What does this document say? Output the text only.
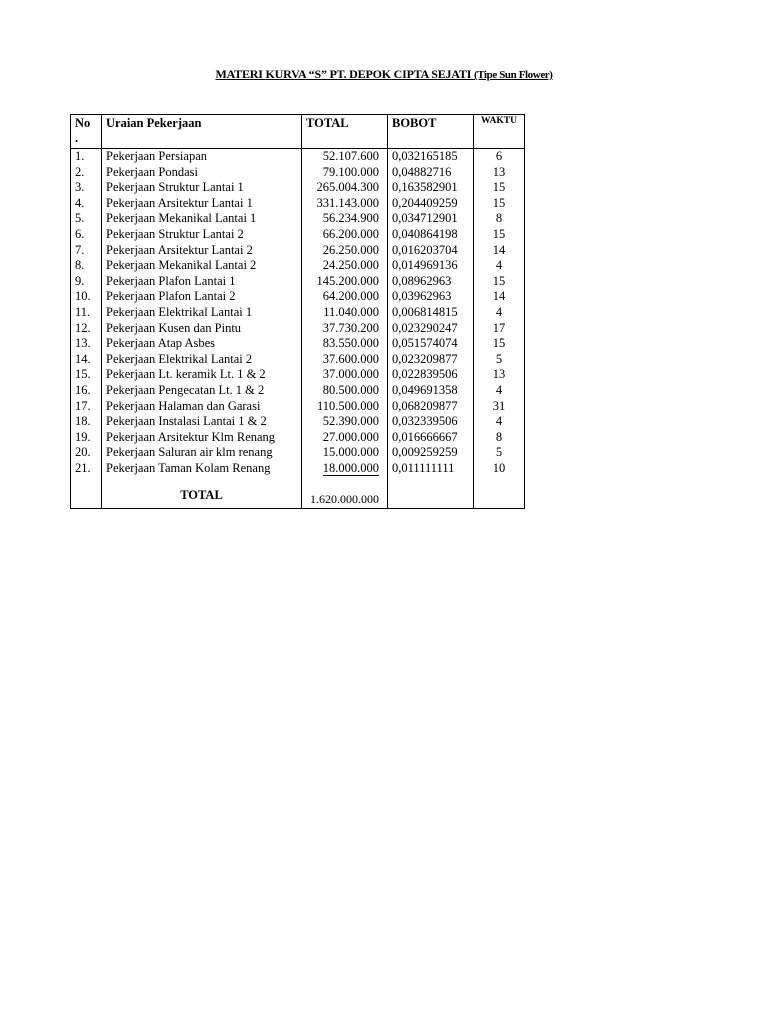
MATERI KURVA “S” PT. DEPOK CIPTA SEJATI (Tipe Sun Flower)
No
.	Uraian Pekerjaan	TOTAL	BOBOT	WAKTU
1.	Pekerjaan Persiapan	52.107.600	0,032165185	6
2.	Pekerjaan Pondasi	79.100.000	0,04882716	13
3.	Pekerjaan Struktur Lantai 1	265.004.300	0,163582901	15
4.	Pekerjaan Arsitektur Lantai 1	331.143.000	0,204409259	15
5.	Pekerjaan Mekanikal Lantai 1	56.234.900	0,034712901	8
6.	Pekerjaan Struktur Lantai 2	66.200.000	0,040864198	15
7.	Pekerjaan Arsitektur Lantai 2	26.250.000	0,016203704	14
8.	Pekerjaan Mekanikal Lantai 2	24.250.000	0,014969136	4
9.	Pekerjaan Plafon Lantai 1	145.200.000	0,08962963	15
10.	Pekerjaan Plafon Lantai 2	64.200.000	0,03962963	14
11.	Pekerjaan Elektrikal Lantai 1	11.040.000	0,006814815	4
12.	Pekerjaan Kusen dan Pintu	37.730.200	0,023290247	17
13.	Pekerjaan Atap Asbes	83.550.000	0,051574074	15
14.	Pekerjaan Elektrikal Lantai 2	37.600.000	0,023209877	5
15.	Pekerjaan Lt. keramik Lt. 1 & 2	37.000.000	0,022839506	13
16.	Pekerjaan Pengecatan Lt. 1 & 2	80.500.000	0,049691358	4
17.	Pekerjaan Halaman dan Garasi	110.500.000	0,068209877	31
18.	Pekerjaan Instalasi Lantai 1 & 2	52.390.000	0,032339506	4
19.	Pekerjaan Arsitektur Klm Renang	27.000.000	0,016666667	8
20.	Pekerjaan Saluran air klm renang	15.000.000	0,009259259	5
21.	Pekerjaan Taman Kolam Renang	18.000.000	0,011111111	10

	TOTAL	1.620.000.000		
